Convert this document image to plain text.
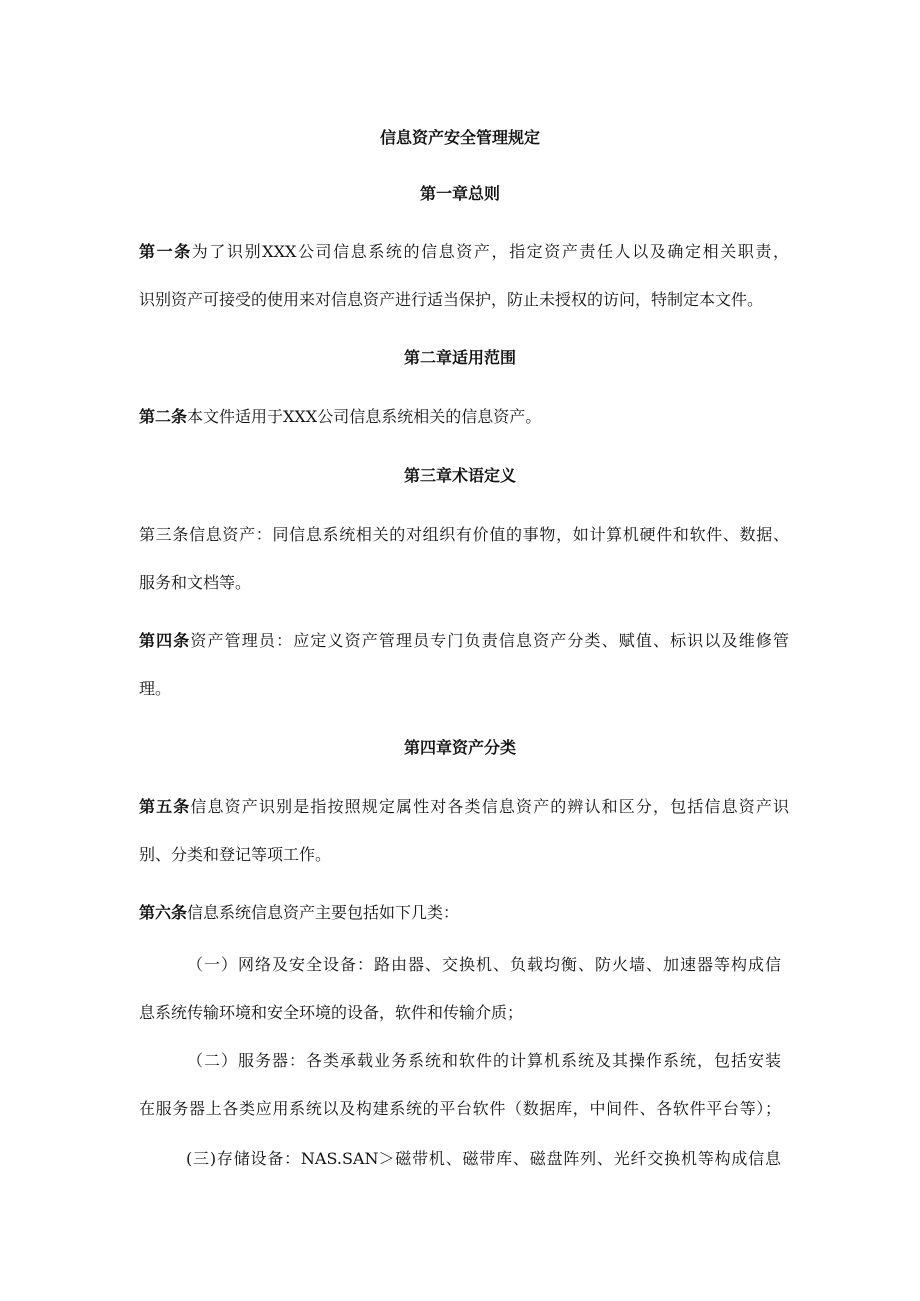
信息资产安全管理规定
第一章总则
第一条为了识别XXX公司信息系统的信息资产，指定资产责任人以及确定相关职责，
识别资产可接受的使用来对信息资产进行适当保护，防止未授权的访问，特制定本文件。
第二章适用范围
第二条本文件适用于XXX公司信息系统相关的信息资产。
第三章术语定义
第三条信息资产：同信息系统相关的对组织有价值的事物，如计算机硬件和软件、数据、
服务和文档等。
第四条资产管理员：应定义资产管理员专门负责信息资产分类、赋值、标识以及维修管
理。
第四章资产分类
第五条信息资产识别是指按照规定属性对各类信息资产的辨认和区分，包括信息资产识
别、分类和登记等项工作。
第六条信息系统信息资产主要包括如下几类：
（一）网络及安全设备：路由器、交换机、负载均衡、防火墙、加速器等构成信
息系统传输环境和安全环境的设备，软件和传输介质；
（二）服务器：各类承载业务系统和软件的计算机系统及其操作系统，包括安装
在服务器上各类应用系统以及构建系统的平台软件（数据库，中间件、各软件平台等）；
(三)存储设备：NAS.SAN＞磁带机、磁带库、磁盘阵列、光纤交换机等构成信息
